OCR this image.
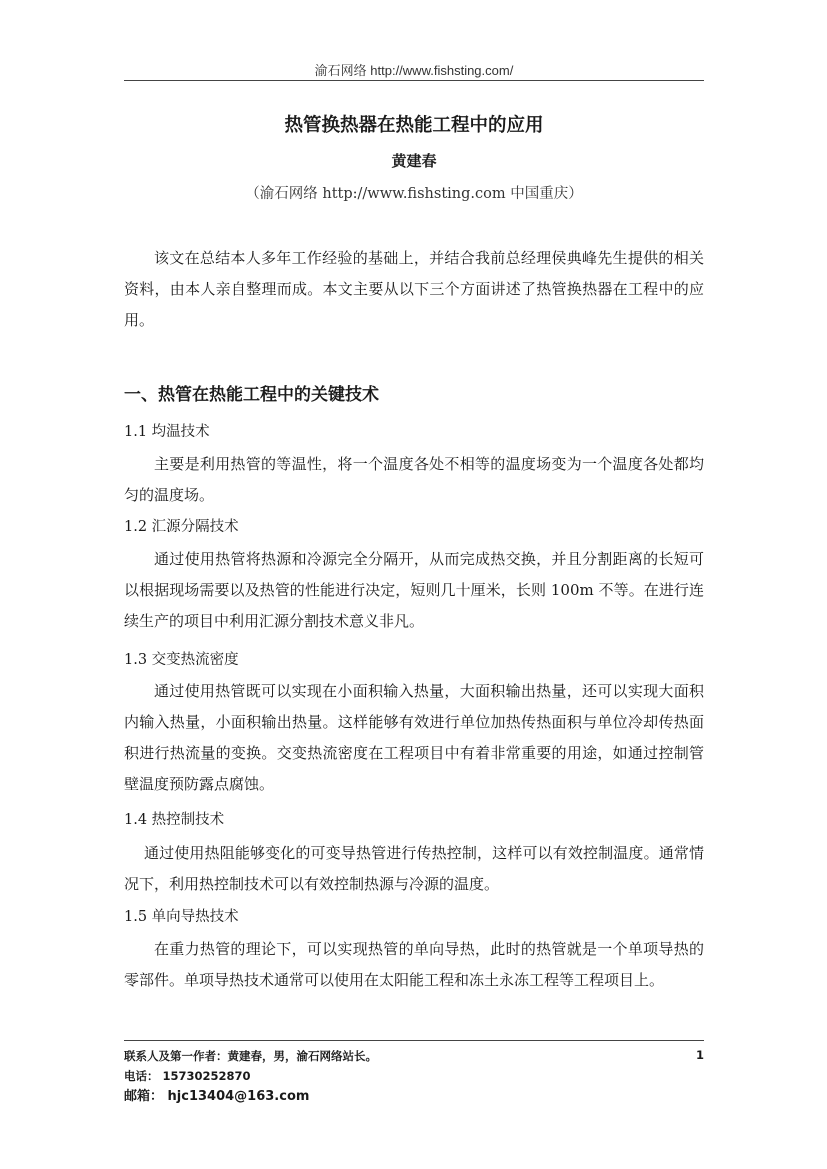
渝石网络 http://www.fishsting.com/
热管换热器在热能工程中的应用
黄建春
（渝石网络 http://www.fishsting.com 中国重庆）

该文在总结本人多年工作经验的基础上，并结合我前总经理侯典峰先生提供的相关资料，由本人亲自整理而成。本文主要从以下三个方面讲述了热管换热器在工程中的应用。

一、热管在热能工程中的关键技术
1.1 均温技术

主要是利用热管的等温性，将一个温度各处不相等的温度场变为一个温度各处都均匀的温度场。

1.2 汇源分隔技术

通过使用热管将热源和冷源完全分隔开，从而完成热交换，并且分割距离的长短可以根据现场需要以及热管的性能进行决定，短则几十厘米，长则 100m 不等。在进行连续生产的项目中利用汇源分割技术意义非凡。

1.3 交变热流密度

通过使用热管既可以实现在小面积输入热量，大面积输出热量，还可以实现大面积内输入热量，小面积输出热量。这样能够有效进行单位加热传热面积与单位冷却传热面积进行热流量的变换。交变热流密度在工程项目中有着非常重要的用途，如通过控制管壁温度预防露点腐蚀。

1.4 热控制技术

通过使用热阻能够变化的可变导热管进行传热控制，这样可以有效控制温度。通常情况下，利用热控制技术可以有效控制热源与冷源的温度。

1.5 单向导热技术

在重力热管的理论下，可以实现热管的单向导热，此时的热管就是一个单项导热的零部件。单项导热技术通常可以使用在太阳能工程和冻土永冻工程等工程项目上。

联系人及第一作者：黄建春，男，渝石网络站长。	1
电话： 15730252870
邮箱： hjc13404@163.com
